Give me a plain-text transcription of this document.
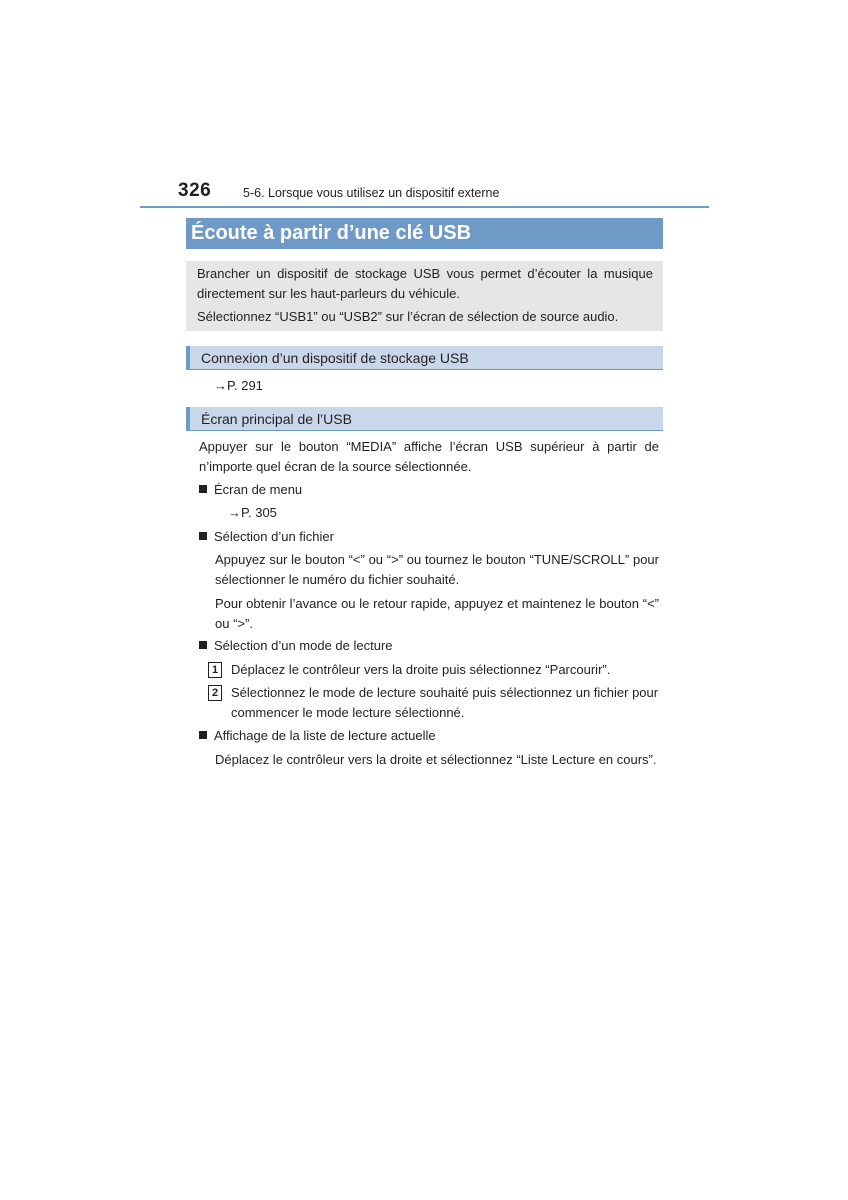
326	5-6. Lorsque vous utilisez un dispositif externe
Écoute à partir d’une clé USB

Brancher un dispositif de stockage USB vous permet d’écouter la musique directement sur les haut-parleurs du véhicule.

Sélectionnez “USB1” ou “USB2” sur l’écran de sélection de source audio.

Connexion d’un dispositif de stockage USB
→P. 291
Écran principal de l’USB
Appuyer sur le bouton “MEDIA” affiche l’écran USB supérieur à partir de n’importe quel écran de la source sélectionnée.
Écran de menu
→P. 305
Sélection d’un fichier
Appuyez sur le bouton “<” ou “>” ou tournez le bouton “TUNE/SCROLL” pour sélectionner le numéro du fichier souhaité.
Pour obtenir l’avance ou le retour rapide, appuyez et maintenez le bouton “<” ou “>”.
Sélection d’un mode de lecture
1 Déplacez le contrôleur vers la droite puis sélectionnez “Parcourir”.
2 Sélectionnez le mode de lecture souhaité puis sélectionnez un fichier pour commencer le mode lecture sélectionné.
Affichage de la liste de lecture actuelle
Déplacez le contrôleur vers la droite et sélectionnez “Liste Lecture en cours”.
